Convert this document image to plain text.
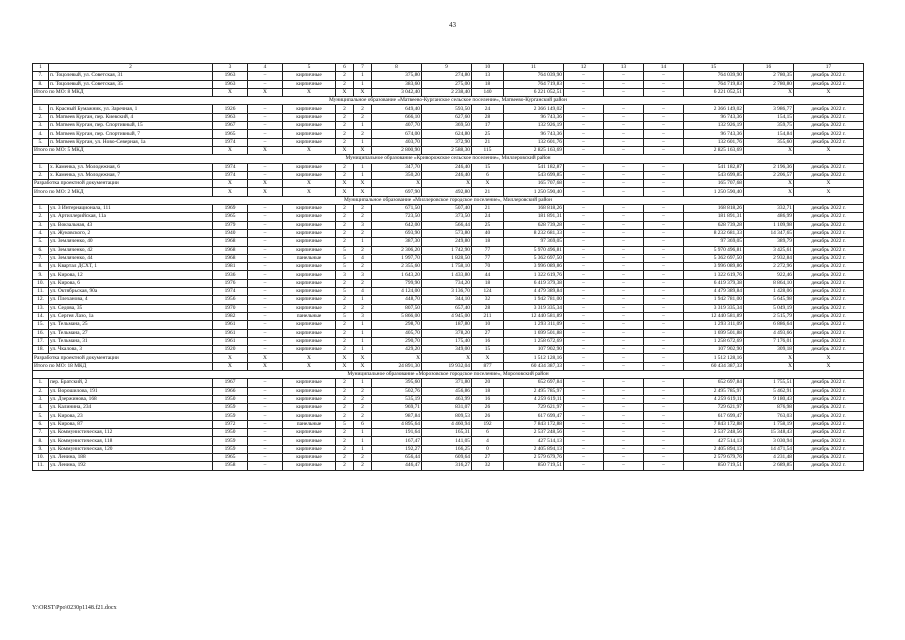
43
1	2	3	4	5	6	7	8	9	10	11	12	13	14	15	16	17
7.	п. Тоцолевый, ул. Советская, 31	1963	–	кирпичные	2	1	375,80	274,80	13	764 039,90	–	–	–	764 039,90	2 780,35	декабрь 2022 г.
8.	п. Тоцолевый, ул. Советская, 35	1963	–	кирпичные	2	1	383,60	275,00	18	764 719,83	–	–	–	764 719,83	2 780,80	декабрь 2022 г.
Итого по МО: 8 МКД		X	X	X	X	X	3 042,40	2 238,40	140	6 221 052,51	–	–	–	6 221 052,51	X	X
Муниципальное образование «Матвеево-Курганское сельское поселение», Матвеево-Курганский район																
1.	п. Красный Бумажник, ул. Заречная, 1	1926	–	кирпичные	2	2	649,40	593,50	24	2 366 149,02	–	–	–	2 366 149,02	3 986,77	декабрь 2022 г.
2.	п. Матвеев Курган, пер. Киевский, 4	1963	–	кирпичные	2	2	666,10	627,60	28	96 743,36	–	–	–	96 743,36	154,15	декабрь 2022 г.
3.	п. Матвеев Курган, пер. Спортивный, 15	1967	–	кирпичные	2	1	407,70	369,50	17	132 926,19	–	–	–	132 926,19	359,75	декабрь 2022 г.
4.	п. Матвеев Курган, пер. Спортивный, 7	1965	–	кирпичные	2	2	674,00	624,80	25	96 743,36	–	–	–	96 743,36	154,84	декабрь 2022 г.
5.	п. Матвеев Курган, ул. Ново-Северная, 1а	1974	–	кирпичные	2	1	403,70	372,90	21	132 601,76	–	–	–	132 601,76	355,60	декабрь 2022 г.
Итого по МО: 5 МКД		X	X	X	X	X	2 800,90	2 588,30	115	2 825 163,69	–	–	–	2 825 163,69	X	X
Муниципальное образование «Криворожское сельское поселение», Миллеровский район																
1.	х. Каменка, ул. Молодежная, 6	1974	–	кирпичные	2	1	347,70	246,40	15	541 182,87	–	–	–	541 182,87	2 196,36	декабрь 2022 г.
2.	х. Каменка, ул. Молодежная, 7	1974	–	кирпичные	2	1	350,20	246,40	6	543 699,85	–	–	–	543 699,85	2 206,57	декабрь 2022 г.
Разработка проектной документации		X	X	X	X	X	X	X	X	165 707,68	–	–	–	165 707,68	X	X
Итого по МО: 2 МКД		X	X	X	X	X	697,90	492,80	21	1 250 590,40	–	–	–	1 250 590,40	X	X
Муниципальное образование «Миллеровское городское поселение», Миллеровский район																
1.	ул. 3 Интернационала, 111	1969	–	кирпичные	2	2	671,50	507,40	21	168 818,26	–	–	–	168 818,26	332,71	декабрь 2022 г.
2.	ул. Артиллерийская, 11а	1965	–	кирпичные	2	2	723,50	373,50	24	181 891,31	–	–	–	181 891,31	486,99	декабрь 2022 г.
3.	ул. Вокзальная, 43	1979	–	кирпичные	2	3	642,00	566,44	25	628 739,28	–	–	–	628 739,28	1 109,98	декабрь 2022 г.
4.	ул. Жуковского, 2	1940	–	кирпичные	2	2	693,90	573,80	40	8 232 681,33	–	–	–	8 232 681,33	14 347,65	декабрь 2022 г.
5.	ул. Земляченко, 40	1968	–	кирпичные	2	1	387,30	249,80	18	97 369,05	–	–	–	97 369,05	389,79	декабрь 2022 г.
6.	ул. Земляченко, 42	1968	–	кирпичные	5	2	2 306,20	1 742,90	77	5 970 496,81	–	–	–	5 970 496,81	3 425,61	декабрь 2022 г.
7.	ул. Земляченко, 44	1968	–	панельные	5	4	1 997,70	1 828,50	77	5 362 697,50	–	–	–	5 362 697,50	2 932,84	декабрь 2022 г.
8.	ул. Квартал ДСХТ, 1	1981	–	кирпичные	5	2	2 355,60	1 758,10	70	3 996 089,86	–	–	–	3 996 089,86	2 272,96	декабрь 2022 г.
9.	ул. Кирова, 12	1936	–	кирпичные	3	3	1 643,20	1 433,80	44	1 322 619,76	–	–	–	1 322 619,76	922,46	декабрь 2022 г.
10.	ул. Кирова, 6	1976	–	кирпичные	2	2	799,90	734,20	18	6 419 379,38	–	–	–	6 419 379,38	8 864,10	декабрь 2022 г.
11.	ул. Октябрьская, 90а	1974	–	кирпичные	5	4	4 124,00	3 136,70	124	4 479 389,84	–	–	–	4 479 389,84	1 428,06	декабрь 2022 г.
12.	ул. Плеханова, 4	1956	–	кирпичные	2	1	448,70	344,10	32	1 942 781,00	–	–	–	1 942 781,00	5 645,98	декабрь 2022 г.
13.	ул. Седова, 35	1970	–	кирпичные	2	2	807,50	657,40	28	3 319 335,34	–	–	–	3 319 335,34	5 049,19	декабрь 2022 г.
14.	ул. Сергея Лазо, 1а	1982	–	панельные	5	3	5 866,00	4 945,00	211	12 440 581,89	–	–	–	12 440 581,89	2 515,79	декабрь 2022 г.
15.	ул. Тельмана, 25	1961	–	кирпичные	2	1	298,70	187,80	10	1 293 311,09	–	–	–	1 293 311,09	6 886,64	декабрь 2022 г.
16.	ул. Тельмана, 27	1961	–	кирпичные	2	1	405,70	378,20	27	1 699 501,88	–	–	–	1 699 501,88	4 493,66	декабрь 2022 г.
17.	ул. Тельмана, 31	1961	–	кирпичные	2	1	290,70	175,40	16	1 258 672,69	–	–	–	1 258 672,69	7 176,01	декабрь 2022 г.
18.	ул. Чкалова, 3	1920	–	кирпичные	2	1	429,20	349,00	15	107 902,90	–	–	–	107 902,90	309,18	декабрь 2022 г.
Разработка проектной документации		X	X	X	X	X	X	X	X	1 512 128,16	–	–	–	1 512 128,16	X	X
Итого по МО: 18 МКД		X	X	X	X	X	24 891,30	19 932,04	877	60 434 387,33	–	–	–	60 434 387,33	X	X
Муниципальное образование «Морозовское городское поселение», Морозовский район																
1.	пер. Братский, 2	1967	–	кирпичные	2	1	395,60	371,80	20	652 697,84	–	–	–	652 697,84	1 755,51	декабрь 2022 г.
2.	ул. Ворошилова, 191	1966	–	кирпичные	2	2	502,76	456,86	18	2 495 785,97	–	–	–	2 495 785,97	5 462,91	декабрь 2022 г.
3.	ул. Дзержинова, 168	1950	–	кирпичные	2	2	535,19	463,99	16	4 259 619,11	–	–	–	4 259 619,11	9 180,43	декабрь 2022 г.
4.	ул. Калинина, 234	1959	–	кирпичные	2	2	969,71	831,07	26	729 621,97	–	–	–	729 621,97	876,98	декабрь 2022 г.
5.	ул. Кирова, 23	1959	–	кирпичные	2	2	987,84	809,53	26	617 699,47	–	–	–	617 699,47	763,03	декабрь 2022 г.
6.	ул. Кирова, 87	1972	–	панельные	5	6	4 895,64	4 460,94	192	7 843 172,88	–	–	–	7 843 172,88	1 758,19	декабрь 2022 г.
7.	ул. Коммунистическая, 112	1950	–	кирпичные	2	1	191,64	165,31	6	2 537 248,56	–	–	–	2 537 248,56	15 348,43	декабрь 2022 г.
8.	ул. Коммунистическая, 118	1959	–	кирпичные	2	1	167,47	141,05	4	427 514,13	–	–	–	427 514,13	3 030,94	декабрь 2022 г.
9.	ул. Коммунистическая, 120	1959	–	кирпичные	2	1	192,27	166,25	0	2 405 894,13	–	–	–	2 405 894,13	14 471,54	декабрь 2022 г.
10.	ул. Ленина, 188	1965	–	кирпичные	2	2	656,44	609,64	27	2 579 679,76	–	–	–	2 579 679,76	4 231,48	декабрь 2022 г.
11.	ул. Ленина, 192	1958	–	кирпичные	2	2	446,47	316,27	32	850 719,51	–	–	–	850 719,51	2 689,85	декабрь 2022 г.
Y:\ORST\Ppo\0230p1148.f21.docx
